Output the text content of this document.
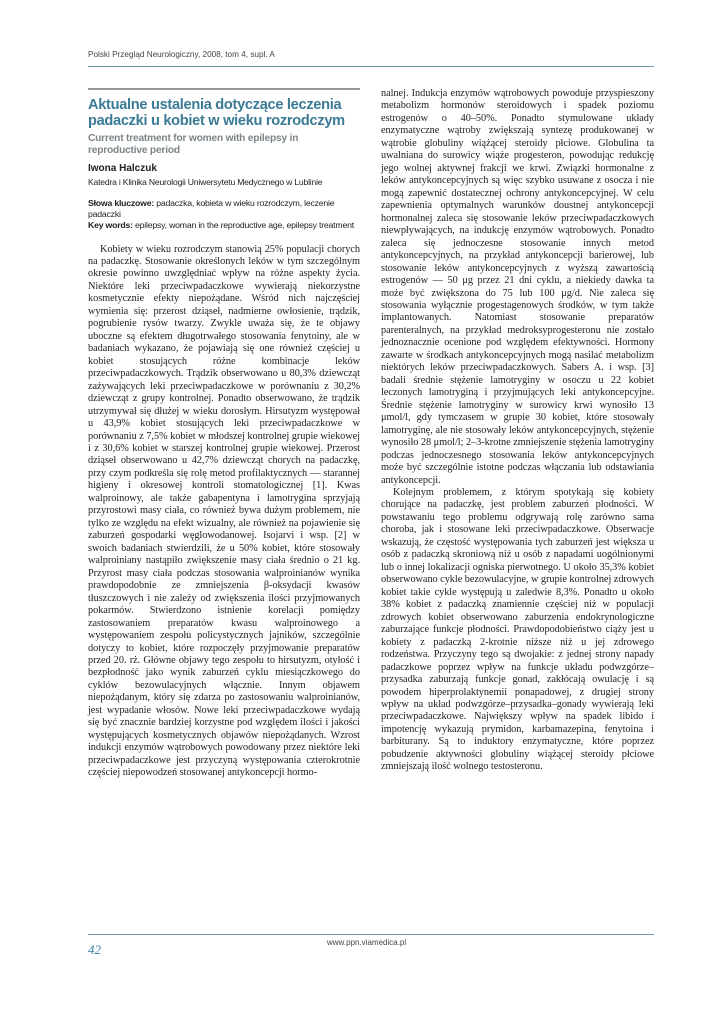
Polski Przegląd Neurologiczny, 2008, tom 4, supl. A
Aktualne ustalenia dotyczące leczenia padaczki u kobiet w wieku rozrodczym
Current treatment for women with epilepsy in reproductive period

Iwona Halczuk

Katedra i Klinika Neurologii Uniwersytetu Medycznego w Lublinie

Słowa kluczowe: padaczka, kobieta w wieku rozrodczym, leczenie padaczki

Key words: epilepsy, woman in the reproductive age, epilepsy treatment

Kobiety w wieku rozrodczym stanowią 25% populacji chorych na padaczkę. Stosowanie określonych leków w tym szczególnym okresie powinno uwzględniać wpływ na różne aspekty życia. Niektóre leki przeciwpadaczkowe wywierają niekorzystne kosmetycznie efekty niepożądane. Wśród nich najczęściej wymienia się: przerost dziąseł, nadmierne owłosienie, trądzik, pogrubienie rysów twarzy. Zwykle uważa się, że te objawy uboczne są efektem długotrwałego stosowania fenytoiny, ale w badaniach wykazano, że pojawiają się one również częściej u kobiet stosujących różne kombinacje leków przeciwpadaczkowych. Trądzik obserwowano u 80,3% dziewcząt zażywających leki przeciwpadaczkowe w porównaniu z 30,2% dziewcząt z grupy kontrolnej. Ponadto obserwowano, że trądzik utrzymywał się dłużej w wieku dorosłym. Hirsutyzm występował u 43,9% kobiet stosujących leki przeciwpadaczkowe w porównaniu z 7,5% kobiet w młodszej kontrolnej grupie wiekowej i z 30,6% kobiet w starszej kontrolnej grupie wiekowej. Przerost dziąseł obserwowano u 42,7% dziewcząt chorych na padaczkę, przy czym podkreśla się rolę metod profilaktycznych — starannej higieny i okresowej kontroli stomatologicznej [1]. Kwas walproinowy, ale także gabapentyna i lamotrygina sprzyjają przyrostowi masy ciała, co również bywa dużym problemem, nie tylko ze względu na efekt wizualny, ale również na pojawienie się zaburzeń gospodarki węglowodanowej. Isojarvi i wsp. [2] w swoich badaniach stwierdzili, że u 50% kobiet, które stosowały walproiniany nastąpiło zwiększenie masy ciała średnio o 21 kg. Przyrost masy ciała podczas stosowania walproinianów wynika prawdopodobnie ze zmniejszenia β-oksydacji kwasów tłuszczowych i nie zależy od zwiększenia ilości przyjmowanych pokarmów. Stwierdzono istnienie korelacji pomiędzy zastosowaniem preparatów kwasu walproinowego a występowaniem zespołu policystycznych jajników, szczególnie dotyczy to kobiet, które rozpoczęły przyjmowanie preparatów przed 20. rż. Główne objawy tego zespołu to hirsutyzm, otyłość i bezpłodność jako wynik zaburzeń cyklu miesiączkowego do cyklów bezowulacyjnych włącznie. Innym objawem niepożądanym, który się zdarza po zastosowaniu walproinianów, jest wypadanie włosów. Nowe leki przeciwpadaczkowe wydają się być znacznie bardziej korzystne pod względem ilości i jakości występujących kosmetycznych objawów niepożądanych. Wzrost indukcji enzymów wątrobowych powodowany przez niektóre leki przeciwpadaczkowe jest przyczyną występowania czterokrotnie częściej niepowodzeń stosowanej antykoncepcji hormo-

nalnej. Indukcja enzymów wątrobowych powoduje przyspieszony metabolizm hormonów steroidowych i spadek poziomu estrogenów o 40–50%. Ponadto stymulowane układy enzymatyczne wątroby zwiększają syntezę produkowanej w wątrobie globuliny wiążącej steroidy płciowe. Globulina ta uwalniana do surowicy wiąże progesteron, powodując redukcję jego wolnej aktywnej frakcji we krwi. Związki hormonalne z leków antykoncepcyjnych są więc szybko usuwane z osocza i nie mogą zapewnić dostatecznej ochrony antykoncepcyjnej. W celu zapewnienia optymalnych warunków doustnej antykoncepcji hormonalnej zaleca się stosowanie leków przeciwpadaczkowych niewpływających, na indukcję enzymów wątrobowych. Ponadto zaleca się jednoczesne stosowanie innych metod antykoncepcyjnych, na przykład antykoncepcji barierowej, lub stosowanie leków antykoncepcyjnych z wyższą zawartością estrogenów — 50 μg przez 21 dni cyklu, a niekiedy dawka ta może być zwiększona do 75 lub 100 μg/d. Nie zaleca się stosowania wyłącznie progestagenowych środków, w tym także implantowanych. Natomiast stosowanie preparatów parenteralnych, na przykład medroksyprogesteronu nie zostało jednoznacznie ocenione pod względem efektywności. Hormony zawarte w środkach antykoncepcyjnych mogą nasilać metabolizm niektórych leków przeciwpadaczkowych. Sabers A. i wsp. [3] badali średnie stężenie lamotryginy w osoczu u 22 kobiet leczonych lamotryginą i przyjmujących leki antykoncepcyjne. Średnie stężenie lamotryginy w surowicy krwi wynosiło 13 μmol/l, gdy tymczasem w grupie 30 kobiet, które stosowały lamotryginę, ale nie stosowały leków antykoncepcyjnych, stężenie wynosiło 28 μmol/l; 2–3-krotne zmniejszenie stężenia lamotryginy podczas jednoczesnego stosowania leków antykoncepcyjnych może być szczególnie istotne podczas włączania lub odstawiania antykoncepcji.

Kolejnym problemem, z którym spotykają się kobiety chorujące na padaczkę, jest problem zaburzeń płodności. W powstawaniu tego problemu odgrywają rolę zarówno sama choroba, jak i stosowane leki przeciwpadaczkowe. Obserwacje wskazują, że częstość występowania tych zaburzeń jest większa u osób z padaczką skroniową niż u osób z napadami uogólnionymi lub o innej lokalizacji ogniska pierwotnego. U około 35,3% kobiet obserwowano cykle bezowulacyjne, w grupie kontrolnej zdrowych kobiet takie cykle występują u zaledwie 8,3%. Ponadto u około 38% kobiet z padaczką znamiennie częściej niż w populacji zdrowych kobiet obserwowano zaburzenia endokrynologiczne zaburzające funkcje płodności. Prawdopodobieństwo ciąży jest u kobiety z padaczką 2-krotnie niższe niż u jej zdrowego rodzeństwa. Przyczyny tego są dwojakie: z jednej strony napady padaczkowe poprzez wpływ na funkcje układu podwzgórze–przysadka zaburzają funkcje gonad, zakłócają owulację i są powodem hiperprolaktynemii ponapadowej, z drugiej strony wpływ na układ podwzgórze–przysadka–gonady wywierają leki przeciwpadaczkowe. Największy wpływ na spadek libido i impotencję wykazują prymidon, karbamazepina, fenytoina i barbiturany. Są to induktory enzymatyczne, które poprzez pobudzenie aktywności globuliny wiążącej steroidy płciowe zmniejszają ilość wolnego testosteronu.

42	www.ppn.viamedica.pl
